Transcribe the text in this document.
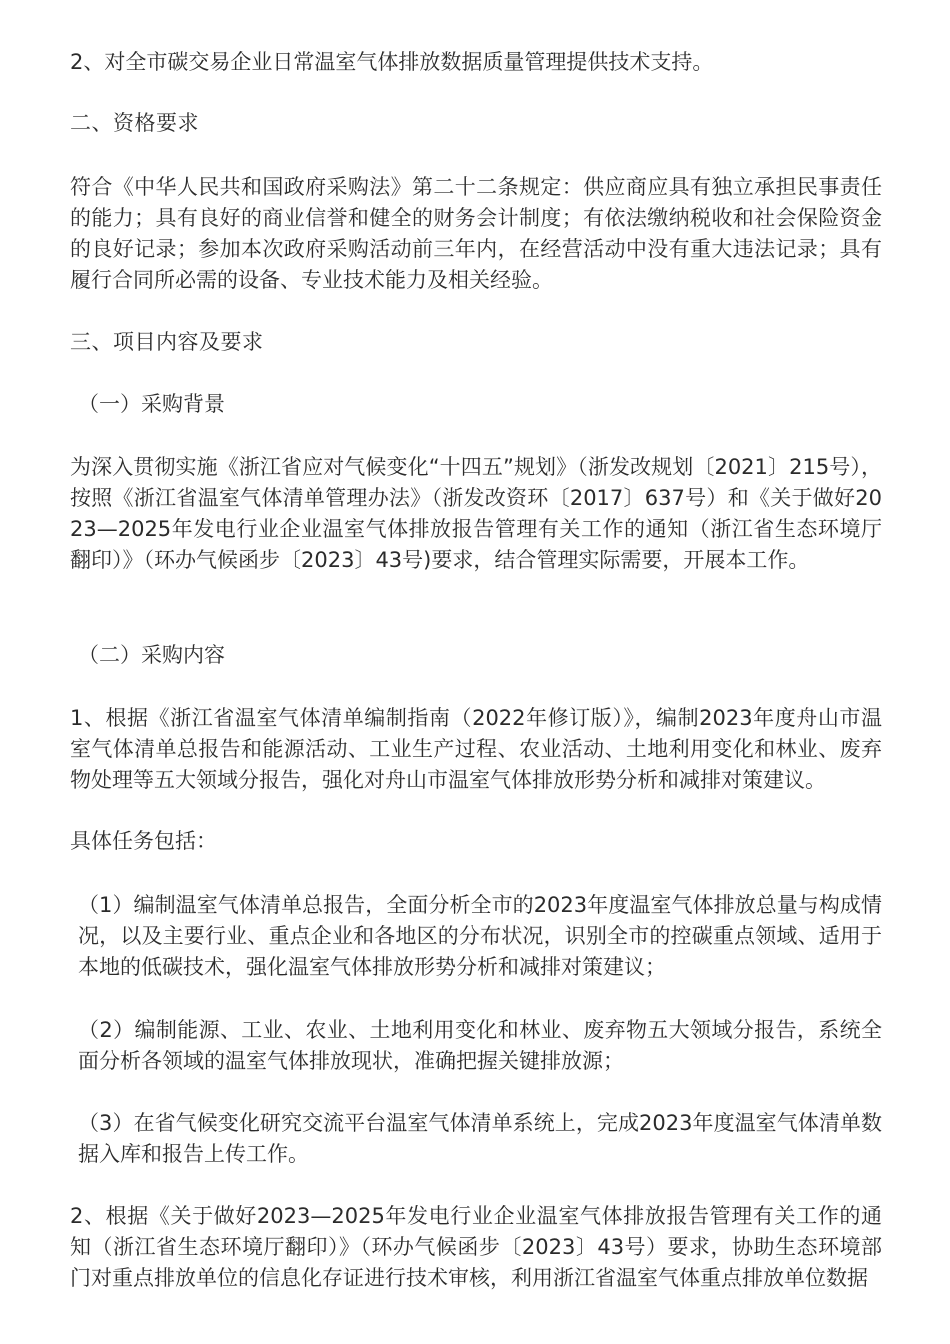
2、对全市碳交易企业日常温室气体排放数据质量管理提供技术支持。

二、资格要求

符合《中华人民共和国政府采购法》第二十二条规定：供应商应具有独立承担民事责任的能力；具有良好的商业信誉和健全的财务会计制度；有依法缴纳税收和社会保险资金的良好记录；参加本次政府采购活动前三年内，在经营活动中没有重大违法记录；具有履行合同所必需的设备、专业技术能力及相关经验。

三、项目内容及要求

（一）采购背景

为深入贯彻实施《浙江省应对气候变化“十四五”规划》（浙发改规划〔2021〕215号），按照《浙江省温室气体清单管理办法》（浙发改资环〔2017〕637号）和《关于做好2023—2025年发电行业企业温室气体排放报告管理有关工作的通知（浙江省生态环境厅翻印）》（环办气候函步〔2023〕43号)要求，结合管理实际需要，开展本工作。

（二）采购内容

1、根据《浙江省温室气体清单编制指南（2022年修订版）》，编制2023年度舟山市温室气体清单总报告和能源活动、工业生产过程、农业活动、土地利用变化和林业、废弃物处理等五大领域分报告，强化对舟山市温室气体排放形势分析和减排对策建议。

具体任务包括：

（1）编制温室气体清单总报告，全面分析全市的2023年度温室气体排放总量与构成情况，以及主要行业、重点企业和各地区的分布状况，识别全市的控碳重点领域、适用于本地的低碳技术，强化温室气体排放形势分析和减排对策建议；

（2）编制能源、工业、农业、土地利用变化和林业、废弃物五大领域分报告，系统全面分析各领域的温室气体排放现状，准确把握关键排放源；

（3）在省气候变化研究交流平台温室气体清单系统上，完成2023年度温室气体清单数据入库和报告上传工作。

2、根据《关于做好2023—2025年发电行业企业温室气体排放报告管理有关工作的通知（浙江省生态环境厅翻印）》（环办气候函步〔2023〕43号）要求，协助生态环境部门对重点排放单位的信息化存证进行技术审核，利用浙江省温室气体重点排放单位数据
